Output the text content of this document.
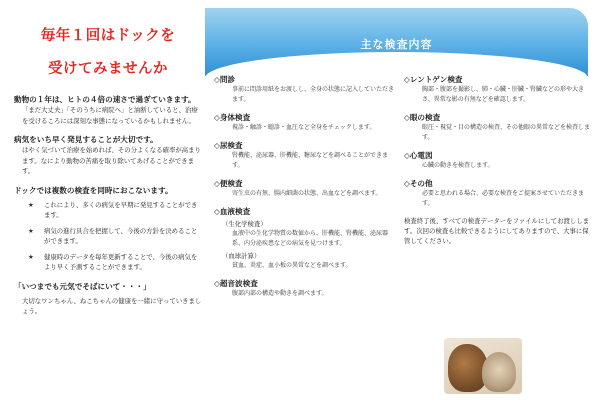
毎年１回はドックを
受けてみませんか
動物の１年は、ヒトの４倍の速さで過ぎていきます。
「まだ大丈夫」「そのうちに病院へ」と油断していると、治療を受けるころには深刻な事態になっているかもしれません。
病気をいち早く発見することが大切です。
はやく気づいて治療を始めれば、その分よくなる確率が高まります。なにより動物の苦痛を取り除いてあげることができます。
ドックでは複数の検査を同時におこないます。
★ これにより、多くの病気を早期に発見することができます。
★ 病気の進行具合を把握して、今後の方針を決めることができます。
★ 健康時のデータを毎年更新することで、今後の病気をより早く予測することができます。
「いつまでも元気でそばにいて・・・」
大切なワンちゃん、ねこちゃんの健康を一緒に守っていきましょう。
主な検査内容
◇問診
事前に問診用紙をお渡しし、全身の状態に記入していただきます。
◇身体検査
視診・触診・聴診・血圧など全身をチェックします。
◇尿検査
腎機能、泌尿器、肝機能、糖尿などを調べることができます。
◇便検査
寄生虫の有無、腸内細菌の状態、出血などを調べます。
◇血液検査
（生化学検査）
血液中の生化学物質の数値から、肝機能、腎機能、泌尿器系、内分泌疾患などの病気を見つけます。
（血球計算）
貧血、炎症、血小板の異常などを調べます。
◇超音波検査
腹部内部の構造や動きを調べます。
◇レントゲン検査
胸部・腹部を撮影し、肺・心臓・肝臓・腎臓などの形や大きさ、異常な影の有無などを確認します。
◇眼の検査
眼圧・視覚・目の構造の検査、その他眼の異常などを検査します。
◇心電図
心臓の動きを検査します。
◇その他
必要と思われる場合、必要な検査をご提案させていただきます。
検査終了後、すべての検査データーをファイルにしてお渡しします。次回の検査も比較できるようにしてありますので、大事に保管してください。
